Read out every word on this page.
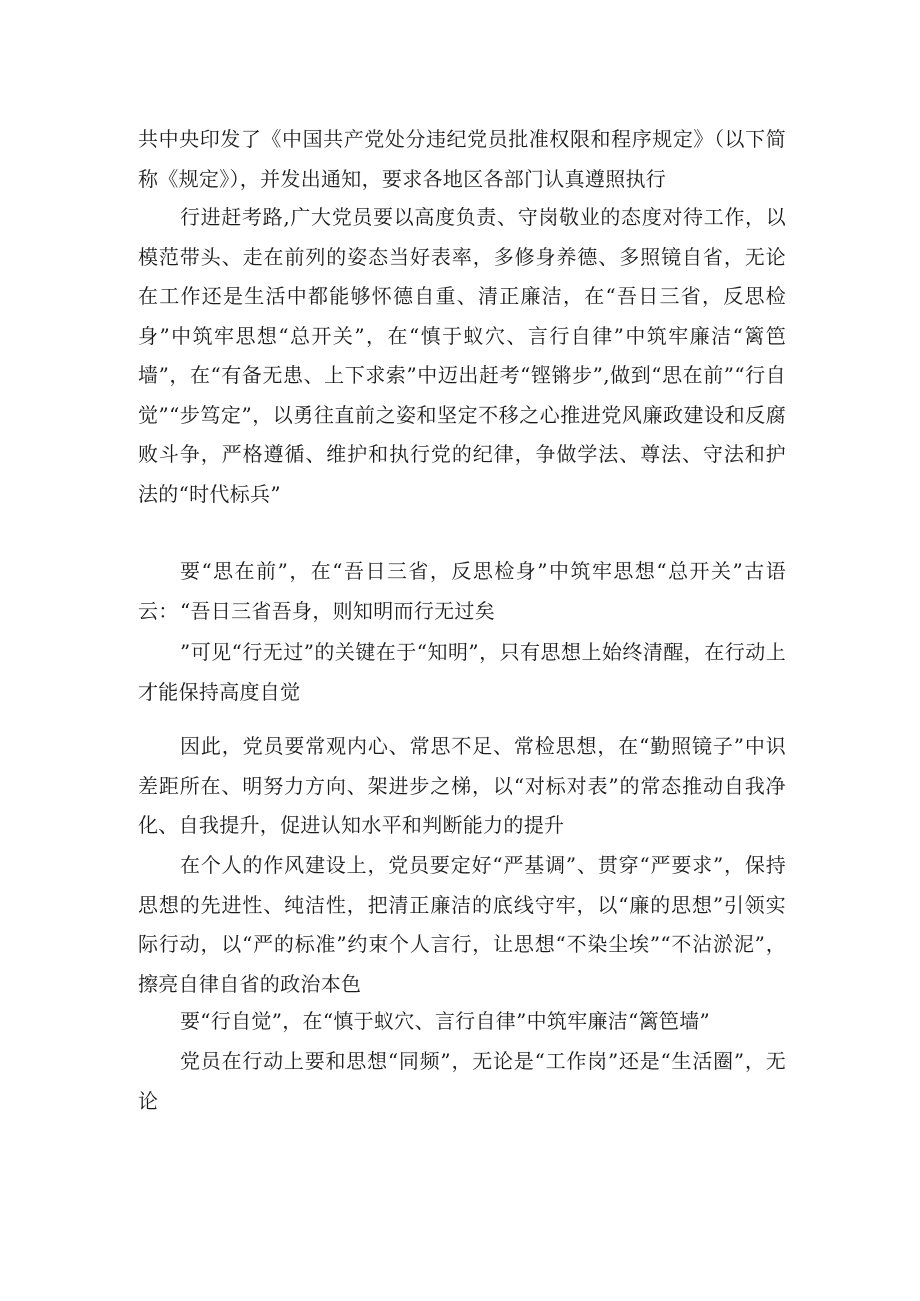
共中央印发了《中国共产党处分违纪党员批准权限和程序规定》（以下简称《规定》），并发出通知，要求各地区各部门认真遵照执行

行进赶考路,广大党员要以高度负责、守岗敬业的态度对待工作，以模范带头、走在前列的姿态当好表率，多修身养德、多照镜自省，无论在工作还是生活中都能够怀德自重、清正廉洁，在“吾日三省，反思检身”中筑牢思想“总开关”，在“慎于蚁穴、言行自律”中筑牢廉洁“篱笆墙”，在“有备无患、上下求索”中迈出赶考“铿锵步”,做到“思在前”“行自觉”“步笃定”，以勇往直前之姿和坚定不移之心推进党风廉政建设和反腐败斗争，严格遵循、维护和执行党的纪律，争做学法、尊法、守法和护法的“时代标兵”

要“思在前”，在“吾日三省，反思检身”中筑牢思想“总开关”古语云： “吾日三省吾身，则知明而行无过矣

”可见“行无过”的关键在于“知明”，只有思想上始终清醒，在行动上才能保持高度自觉

因此，党员要常观内心、常思不足、常检思想，在“勤照镜子”中识差距所在、明努力方向、架进步之梯，以“对标对表”的常态推动自我净化、自我提升，促进认知水平和判断能力的提升

在个人的作风建设上，党员要定好“严基调”、贯穿“严要求”，保持思想的先进性、纯洁性，把清正廉洁的底线守牢，以“廉的思想”引领实际行动，以“严的标准”约束个人言行，让思想“不染尘埃”“不沾淤泥”，擦亮自律自省的政治本色

要“行自觉”，在“慎于蚁穴、言行自律”中筑牢廉洁“篱笆墙”

党员在行动上要和思想“同频”，无论是“工作岗”还是“生活圈”，无论
